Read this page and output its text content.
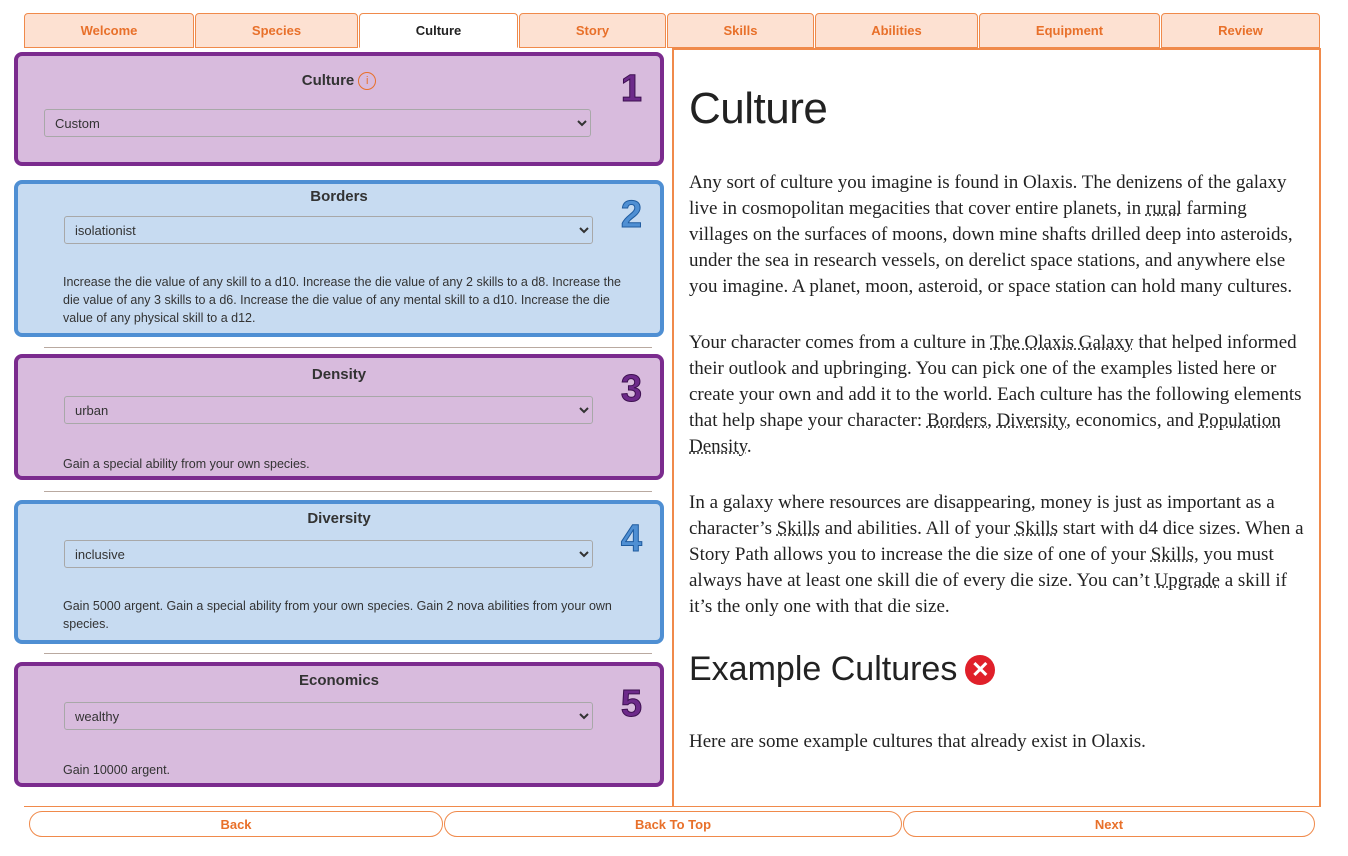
Welcome	Species	Culture	Story	Skills	Abilities	Equipment	Review
Culture i
Custom	1
Borders
isolationist
Increase the die value of any skill to a d10. Increase the die value of any 2 skills to a d8. Increase the die value of any 3 skills to a d6. Increase the die value of any mental skill to a d10. Increase the die value of any physical skill to a d12.
2
Density
urban
Gain a special ability from your own species.
3
Diversity
inclusive
Gain 5000 argent. Gain a special ability from your own species. Gain 2 nova abilities from your own species.
4
Economics
wealthy
Gain 10000 argent.
5
Culture

Any sort of culture you imagine is found in Olaxis. The denizens of the galaxy live in cosmopolitan megacities that cover entire planets, in rural farming villages on the surfaces of moons, down mine shafts drilled deep into asteroids, under the sea in research vessels, on derelict space stations, and anywhere else you imagine. A planet, moon, asteroid, or space station can hold many cultures.

Your character comes from a culture in The Olaxis Galaxy that helped informed their outlook and upbringing. You can pick one of the examples listed here or create your own and add it to the world. Each culture has the following elements that help shape your character: Borders, Diversity, economics, and Population Density.

In a galaxy where resources are disappearing, money is just as important as a character’s Skills and abilities. All of your Skills start with d4 dice sizes. When a Story Path allows you to increase the die size of one of your Skills, you must always have at least one skill die of every die size. You can’t Upgrade a skill if it’s the only one with that die size.

Example Cultures ✕

Here are some example cultures that already exist in Olaxis.

Back	Back To Top	Next
